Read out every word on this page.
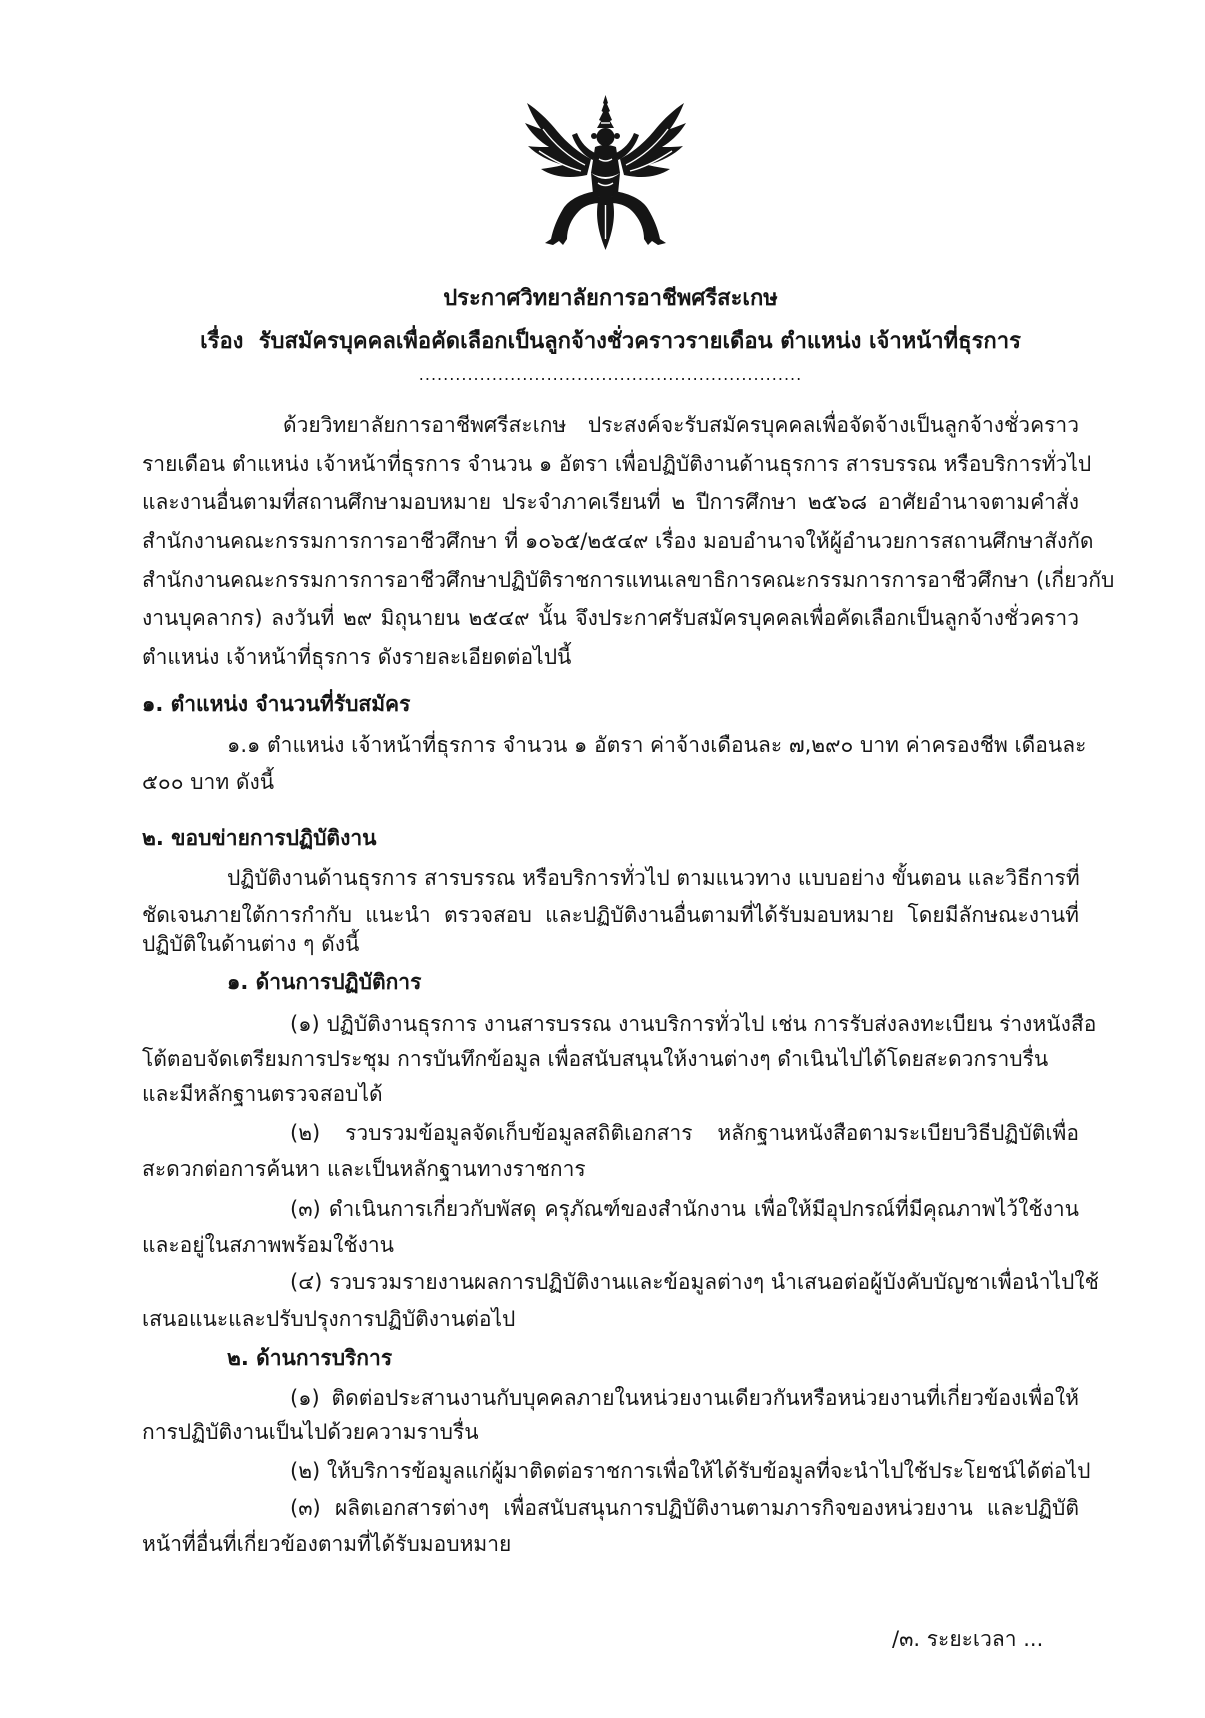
ประกาศวิทยาลัยการอาชีพศรีสะเกษ
เรื่อง  รับสมัครบุคคลเพื่อคัดเลือกเป็นลูกจ้างชั่วคราวรายเดือน ตำแหน่ง เจ้าหน้าที่ธุรการ
...............................................................
ด้วยวิทยาลัยการอาชีพศรีสะเกษ ประสงค์จะรับสมัครบุคคลเพื่อจัดจ้างเป็นลูกจ้างชั่วคราว
รายเดือน ตำแหน่ง เจ้าหน้าที่ธุรการ จำนวน ๑ อัตรา เพื่อปฏิบัติงานด้านธุรการ สารบรรณ หรือบริการทั่วไป
และงานอื่นตามที่สถานศึกษามอบหมาย ประจำภาคเรียนที่ ๒ ปีการศึกษา ๒๕๖๘ อาศัยอำนาจตามคำสั่ง
สำนักงานคณะกรรมการการอาชีวศึกษา ที่ ๑๐๖๕/๒๕๔๙ เรื่อง มอบอำนาจให้ผู้อำนวยการสถานศึกษาสังกัด
สำนักงานคณะกรรมการการอาชีวศึกษาปฏิบัติราชการแทนเลขาธิการคณะกรรมการการอาชีวศึกษา (เกี่ยวกับ
งานบุคลากร) ลงวันที่ ๒๙ มิถุนายน ๒๕๔๙ นั้น จึงประกาศรับสมัครบุคคลเพื่อคัดเลือกเป็นลูกจ้างชั่วคราว
ตำแหน่ง เจ้าหน้าที่ธุรการ ดังรายละเอียดต่อไปนี้
๑. ตำแหน่ง จำนวนที่รับสมัคร
๑.๑ ตำแหน่ง เจ้าหน้าที่ธุรการ จำนวน ๑ อัตรา ค่าจ้างเดือนละ ๗,๒๙๐ บาท ค่าครองชีพ เดือนละ
๕๐๐ บาท ดังนี้
๒. ขอบข่ายการปฏิบัติงาน
ปฏิบัติงานด้านธุรการ สารบรรณ หรือบริการทั่วไป ตามแนวทาง แบบอย่าง ขั้นตอน และวิธีการที่
ชัดเจนภายใต้การกำกับ แนะนำ ตรวจสอบ และปฏิบัติงานอื่นตามที่ได้รับมอบหมาย โดยมีลักษณะงานที่
ปฏิบัติในด้านต่าง ๆ ดังนี้
๑. ด้านการปฏิบัติการ
(๑) ปฏิบัติงานธุรการ งานสารบรรณ งานบริการทั่วไป เช่น การรับส่งลงทะเบียน ร่างหนังสือ
โต้ตอบจัดเตรียมการประชุม การบันทึกข้อมูล เพื่อสนับสนุนให้งานต่างๆ ดำเนินไปได้โดยสะดวกราบรื่น
และมีหลักฐานตรวจสอบได้
(๒) รวบรวมข้อมูลจัดเก็บข้อมูลสถิติเอกสาร หลักฐานหนังสือตามระเบียบวิธีปฏิบัติเพื่อ
สะดวกต่อการค้นหา และเป็นหลักฐานทางราชการ
(๓) ดำเนินการเกี่ยวกับพัสดุ ครุภัณฑ์ของสำนักงาน เพื่อให้มีอุปกรณ์ที่มีคุณภาพไว้ใช้งาน
และอยู่ในสภาพพร้อมใช้งาน
(๔) รวบรวมรายงานผลการปฏิบัติงานและข้อมูลต่างๆ นำเสนอต่อผู้บังคับบัญชาเพื่อนำไปใช้
เสนอแนะและปรับปรุงการปฏิบัติงานต่อไป
๒. ด้านการบริการ
(๑) ติดต่อประสานงานกับบุคคลภายในหน่วยงานเดียวกันหรือหน่วยงานที่เกี่ยวข้องเพื่อให้
การปฏิบัติงานเป็นไปด้วยความราบรื่น
(๒) ให้บริการข้อมูลแก่ผู้มาติดต่อราชการเพื่อให้ได้รับข้อมูลที่จะนำไปใช้ประโยชน์ได้ต่อไป
(๓) ผลิตเอกสารต่างๆ เพื่อสนับสนุนการปฏิบัติงานตามภารกิจของหน่วยงาน และปฏิบัติ
หน้าที่อื่นที่เกี่ยวข้องตามที่ได้รับมอบหมาย
/๓. ระยะเวลา ...
